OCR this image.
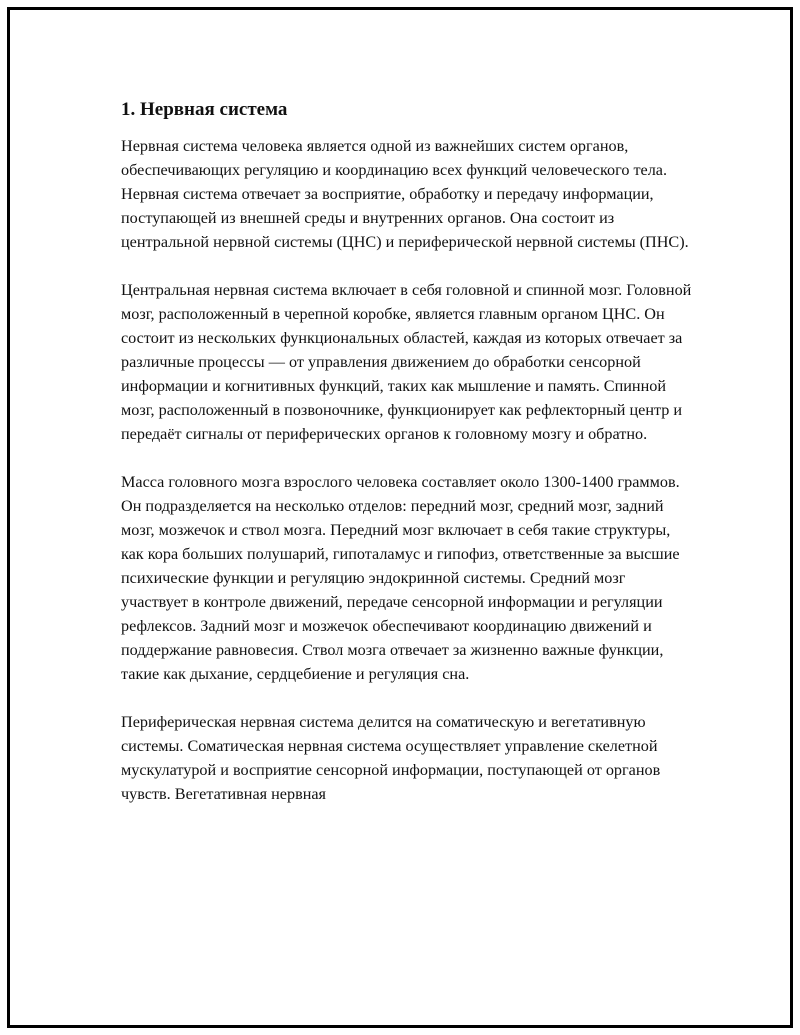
1. Нервная система

Нервная система человека является одной из важнейших систем органов, обеспечивающих регуляцию и координацию всех функций человеческого тела. Нервная система отвечает за восприятие, обработку и передачу информации, поступающей из внешней среды и внутренних органов. Она состоит из центральной нервной системы (ЦНС) и периферической нервной системы (ПНС).

Центральная нервная система включает в себя головной и спинной мозг. Головной мозг, расположенный в черепной коробке, является главным органом ЦНС. Он состоит из нескольких функциональных областей, каждая из которых отвечает за различные процессы — от управления движением до обработки сенсорной информации и когнитивных функций, таких как мышление и память. Спинной мозг, расположенный в позвоночнике, функционирует как рефлекторный центр и передаёт сигналы от периферических органов к головному мозгу и обратно.

Масса головного мозга взрослого человека составляет около 1300-1400 граммов. Он подразделяется на несколько отделов: передний мозг, средний мозг, задний мозг, мозжечок и ствол мозга. Передний мозг включает в себя такие структуры, как кора больших полушарий, гипоталамус и гипофиз, ответственные за высшие психические функции и регуляцию эндокринной системы. Средний мозг участвует в контроле движений, передаче сенсорной информации и регуляции рефлексов. Задний мозг и мозжечок обеспечивают координацию движений и поддержание равновесия. Ствол мозга отвечает за жизненно важные функции, такие как дыхание, сердцебиение и регуляция сна.

Периферическая нервная система делится на соматическую и вегетативную системы. Соматическая нервная система осуществляет управление скелетной мускулатурой и восприятие сенсорной информации, поступающей от органов чувств. Вегетативная нервная
